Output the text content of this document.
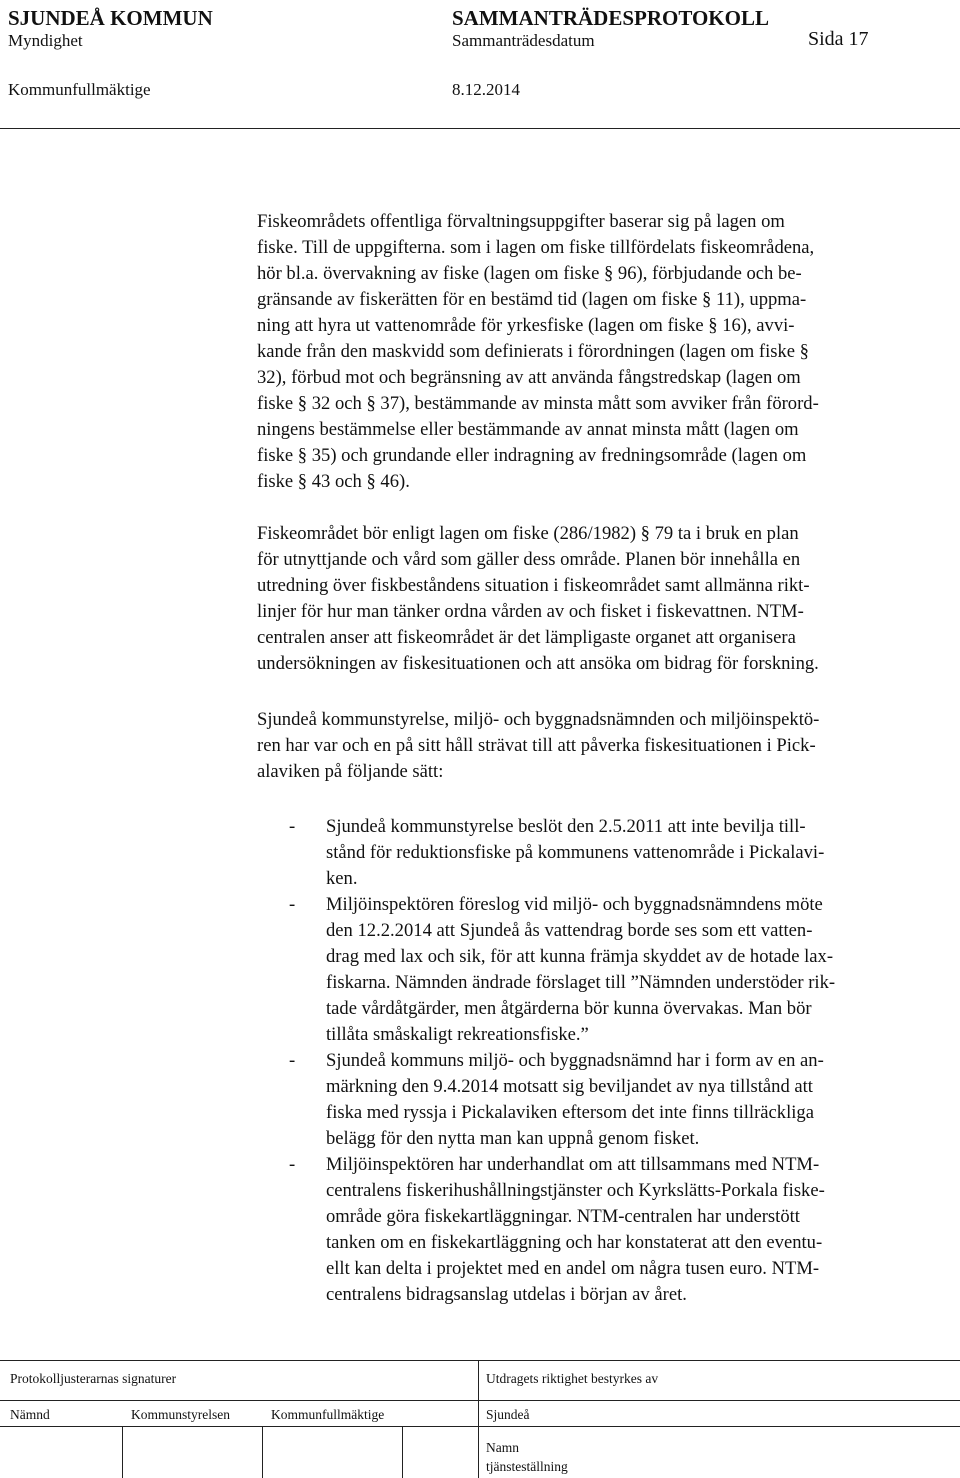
SJUNDEÅ KOMMUN	SAMMANTRÄDESPROTOKOLL
Myndighet	Sammanträdesdatum	Sida 17
Kommunfullmäktige	8.12.2014
Fiskeområdets offentliga förvaltningsuppgifter baserar sig på lagen om
fiske. Till de uppgifterna. som i lagen om fiske tillfördelats fiskeområdena,
hör bl.a. övervakning av fiske (lagen om fiske § 96), förbjudande och be-
gränsande av fiskerätten för en bestämd tid (lagen om fiske § 11), uppma-
ning att hyra ut vattenområde för yrkesfiske (lagen om fiske § 16), avvi-
kande från den maskvidd som definierats i förordningen (lagen om fiske §
32), förbud mot och begränsning av att använda fångstredskap (lagen om
fiske § 32 och § 37), bestämmande av minsta mått som avviker från förord-
ningens bestämmelse eller bestämmande av annat minsta mått (lagen om
fiske § 35) och grundande eller indragning av fredningsområde (lagen om
fiske § 43 och § 46).
Fiskeområdet bör enligt lagen om fiske (286/1982) § 79 ta i bruk en plan
för utnyttjande och vård som gäller dess område. Planen bör innehålla en
utredning över fiskbeståndens situation i fiskeområdet samt allmänna rikt-
linjer för hur man tänker ordna vården av och fisket i fiskevattnen. NTM-
centralen anser att fiskeområdet är det lämpligaste organet att organisera
undersökningen av fiskesituationen och att ansöka om bidrag för forskning.
Sjundeå kommunstyrelse, miljö- och byggnadsnämnden och miljöinspektö-
ren har var och en på sitt håll strävat till att påverka fiskesituationen i Pick-
alaviken på följande sätt:
- Sjundeå kommunstyrelse beslöt den 2.5.2011 att inte bevilja till-
stånd för reduktionsfiske på kommunens vattenområde i Pickalavi-
ken.
- Miljöinspektören föreslog vid miljö- och byggnadsnämndens möte
den 12.2.2014 att Sjundeå ås vattendrag borde ses som ett vatten-
drag med lax och sik, för att kunna främja skyddet av de hotade lax-
fiskarna. Nämnden ändrade förslaget till ”Nämnden understöder rik-
tade vårdåtgärder, men åtgärderna bör kunna övervakas. Man bör
tillåta småskaligt rekreationsfiske.”
- Sjundeå kommuns miljö- och byggnadsnämnd har i form av en an-
märkning den 9.4.2014 motsatt sig beviljandet av nya tillstånd att
fiska med ryssja i Pickalaviken eftersom det inte finns tillräckliga
belägg för den nytta man kan uppnå genom fisket.
- Miljöinspektören har underhandlat om att tillsammans med NTM-
centralens fiskerihushållningstjänster och Kyrkslätts-Porkala fiske-
område göra fiskekartläggningar. NTM-centralen har understött
tanken om en fiskekartläggning och har konstaterat att den eventu-
ellt kan delta i projektet med en andel om några tusen euro. NTM-
centralens bidragsanslag utdelas i början av året.
Protokolljusterarnas signaturer	Utdragets riktighet bestyrkes av
Nämnd	Kommunstyrelsen	Kommunfullmäktige	Sjundeå
Namn
tjänsteställning
